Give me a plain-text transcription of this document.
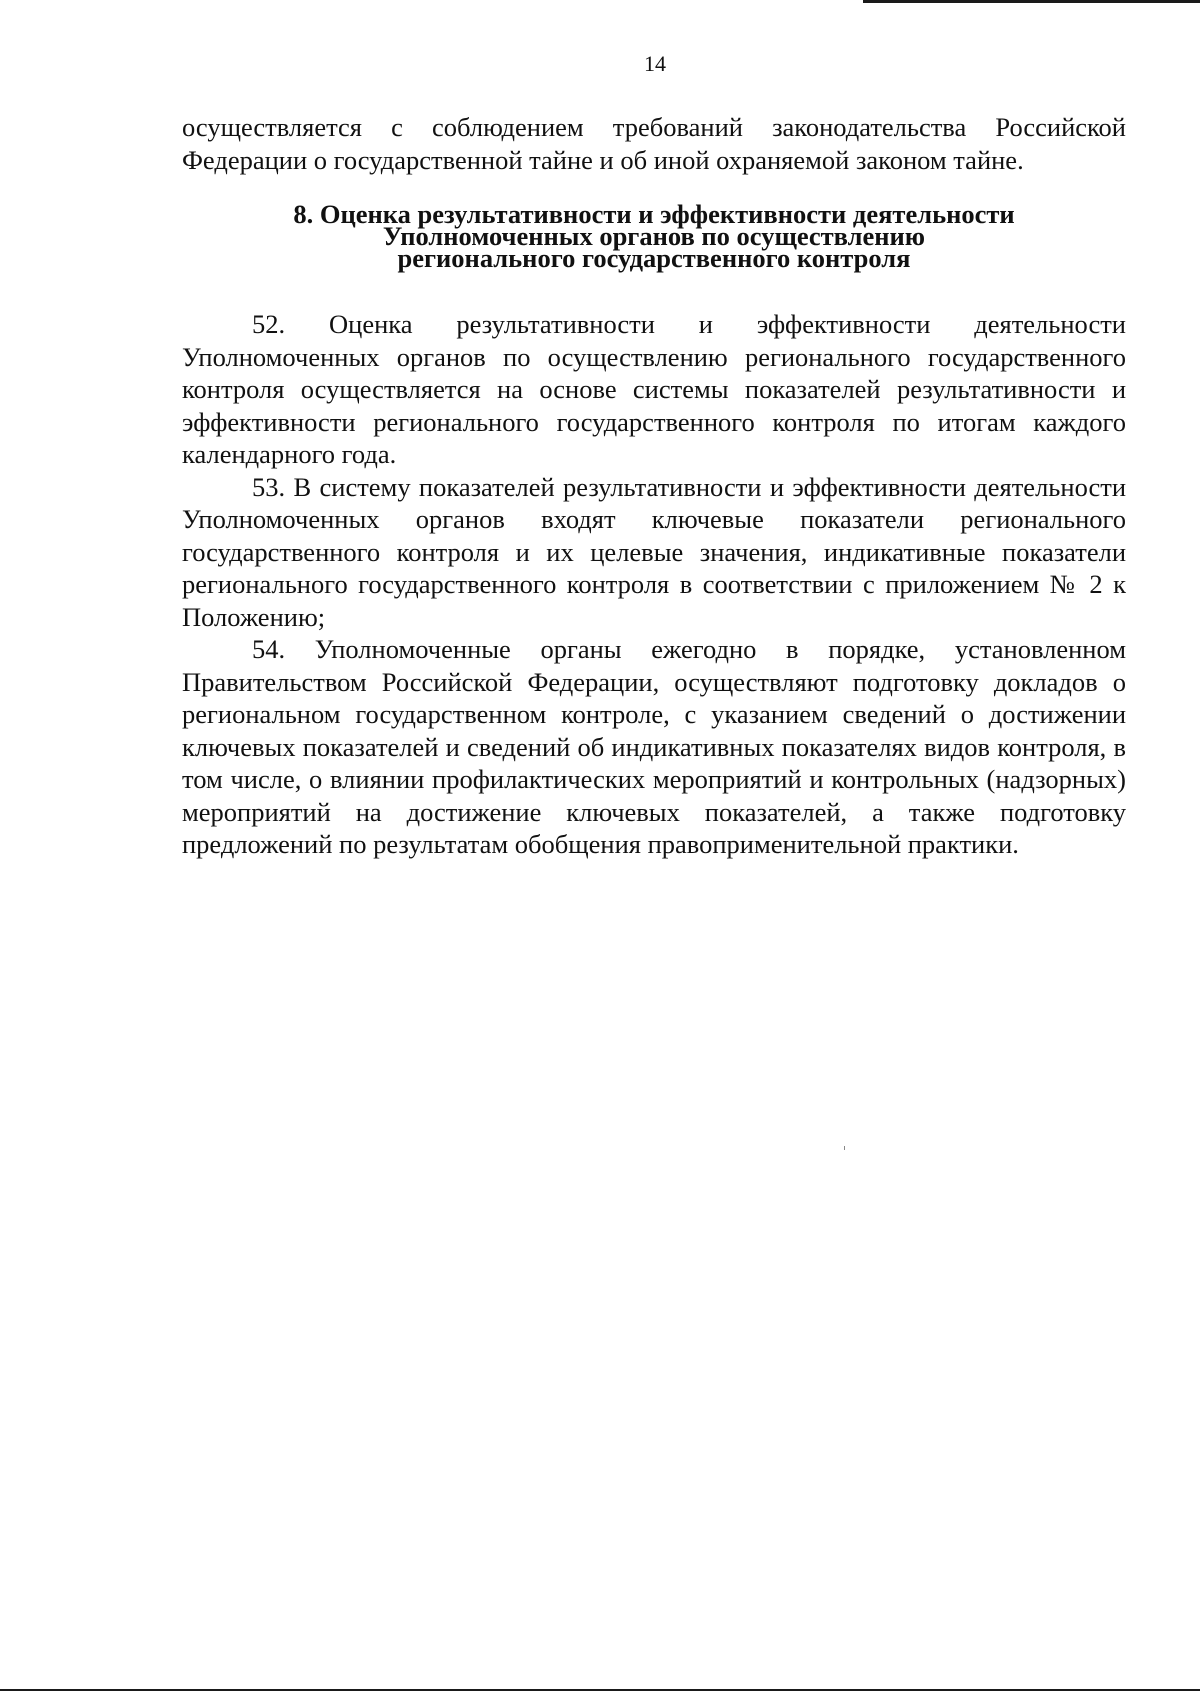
14

осуществляется с соблюдением требований законодательства Российской Федерации о государственной тайне и об иной охраняемой законом тайне.

8. Оценка результативности и эффективности деятельности
Уполномоченных органов по осуществлению
регионального государственного контроля

52. Оценка результативности и эффективности деятельности Уполномоченных органов по осуществлению регионального государственного контроля осуществляется на основе системы показателей результативности и эффективности регионального государственного контроля по итогам каждого календарного года.

53. В систему показателей результативности и эффективности деятельности Уполномоченных органов входят ключевые показатели регионального государственного контроля и их целевые значения, индикативные показатели регионального государственного контроля в соответствии с приложением № 2 к Положению;

54. Уполномоченные органы ежегодно в порядке, установленном Правительством Российской Федерации, осуществляют подготовку докладов о региональном государственном контроле, с указанием сведений о достижении ключевых показателей и сведений об индикативных показателях видов контроля, в том числе, о влиянии профилактических мероприятий и контрольных (надзорных) мероприятий на достижение ключевых показателей, а также подготовку предложений по результатам обобщения правоприменительной практики.
